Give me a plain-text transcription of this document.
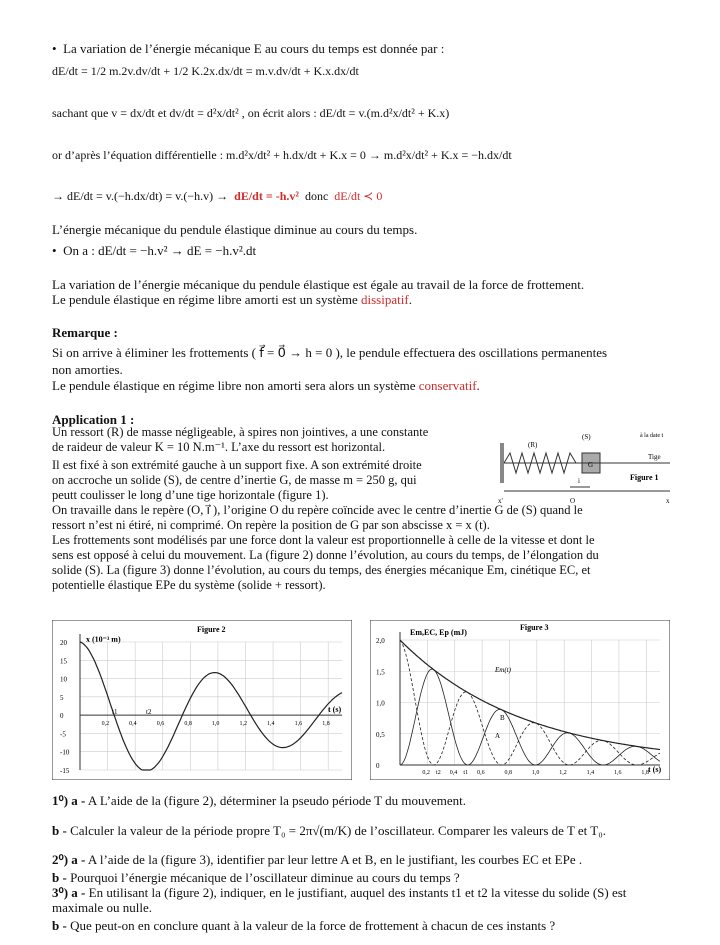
•  La variation de l’énergie mécanique E au cours du temps est donnée par :
dE/dt = 1/2 m.2v.dv/dt + 1/2 K.2x.dx/dt = m.v.dv/dt + K.x.dx/dt
sachant que v = dx/dt et dv/dt = d²x/dt² , on écrit alors : dE/dt = v.(m.d²x/dt² + K.x)
or d’après l’équation différentielle : m.d²x/dt² + h.dx/dt + K.x = 0 → m.d²x/dt² + K.x = −h.dx/dt
→ dE/dt = v.(−h.dx/dt) = v.(−h.v) → dE/dt = -h.v² donc dE/dt ≺ 0
L’énergie mécanique du pendule élastique diminue au cours du temps.
•  On a : dE/dt = −h.v² → dE = −h.v².dt
La variation de l’énergie mécanique du pendule élastique est égale au travail de la force de frottement.
Le pendule élastique en régime libre amorti est un système dissipatif.
Remarque :
Si on arrive à éliminer les frottements ( f⃗ = 0⃗ → h = 0 ), le pendule effectuera des oscillations permanentes
non amorties.
Le pendule élastique en régime libre non amorti sera alors un système conservatif.
Application 1 :
Un ressort (R) de masse négligeable, à spires non jointives, a une constante
de raideur de valeur K = 10 N.m⁻¹. L’axe du ressort est horizontal.
Il est fixé à son extrémité gauche à un support fixe. A son extrémité droite
on accroche un solide (S), de centre d’inertie G, de masse m = 250 g, qui
peutt coulisser le long d’une tige horizontale (figure 1).
On travaille dans le repère (O, i⃗ ), l’origine O du repère coïncide avec le centre d’inertie G de (S) quand le
ressort n’est ni étiré, ni comprimé. On repère la position de G par son abscisse x = x (t).
Les frottements sont modélisés par une force dont la valeur est proportionnelle à celle de la vitesse et dont le
sens est opposé à celui du mouvement. La (figure 2) donne l’évolution, au cours du temps, de l’élongation du
solide (S). La (figure 3) donne l’évolution, au cours du temps, des énergies mécanique Em, cinétique EC, et
potentielle élastique EPe du système (solide + ressort).
(R)
(S)
G
à la date t
Tige
Figure 1
x'	x
O
i
Figure 2
x (10⁻³ m)
t (s)
20
15
10
5
0
-5
-10
-15
0,2	0,4	0,6	0,8	1,0	1,2	1,4	1,6	1,8
t1	t2
Figure 3
Em,EC, Ep (mJ)
t (s)
2,0
1,5
1,0
0,5
0
0,2 t2 0,4 t1 0,6	0,8	1,0	1,2	1,4	1,6	1,8
Em(t)
A
B
1⁰) a - A L’aide de la (figure 2), déterminer la pseudo période T du mouvement.
b - Calculer la valeur de la période propre T₀ = 2π√(m/K) de l’oscillateur. Comparer les valeurs de T et T₀.
2⁰) a - A l’aide de la (figure 3), identifier par leur lettre A et B, en le justifiant, les courbes EC et EPe .
b - Pourquoi l’énergie mécanique de l’oscillateur diminue au cours du temps ?
3⁰) a - En utilisant la (figure 2), indiquer, en le justifiant, auquel des instants t1 et t2 la vitesse du solide (S) est
maximale ou nulle.
b - Que peut-on en conclure quant à la valeur de la force de frottement à chacun de ces instants ?
